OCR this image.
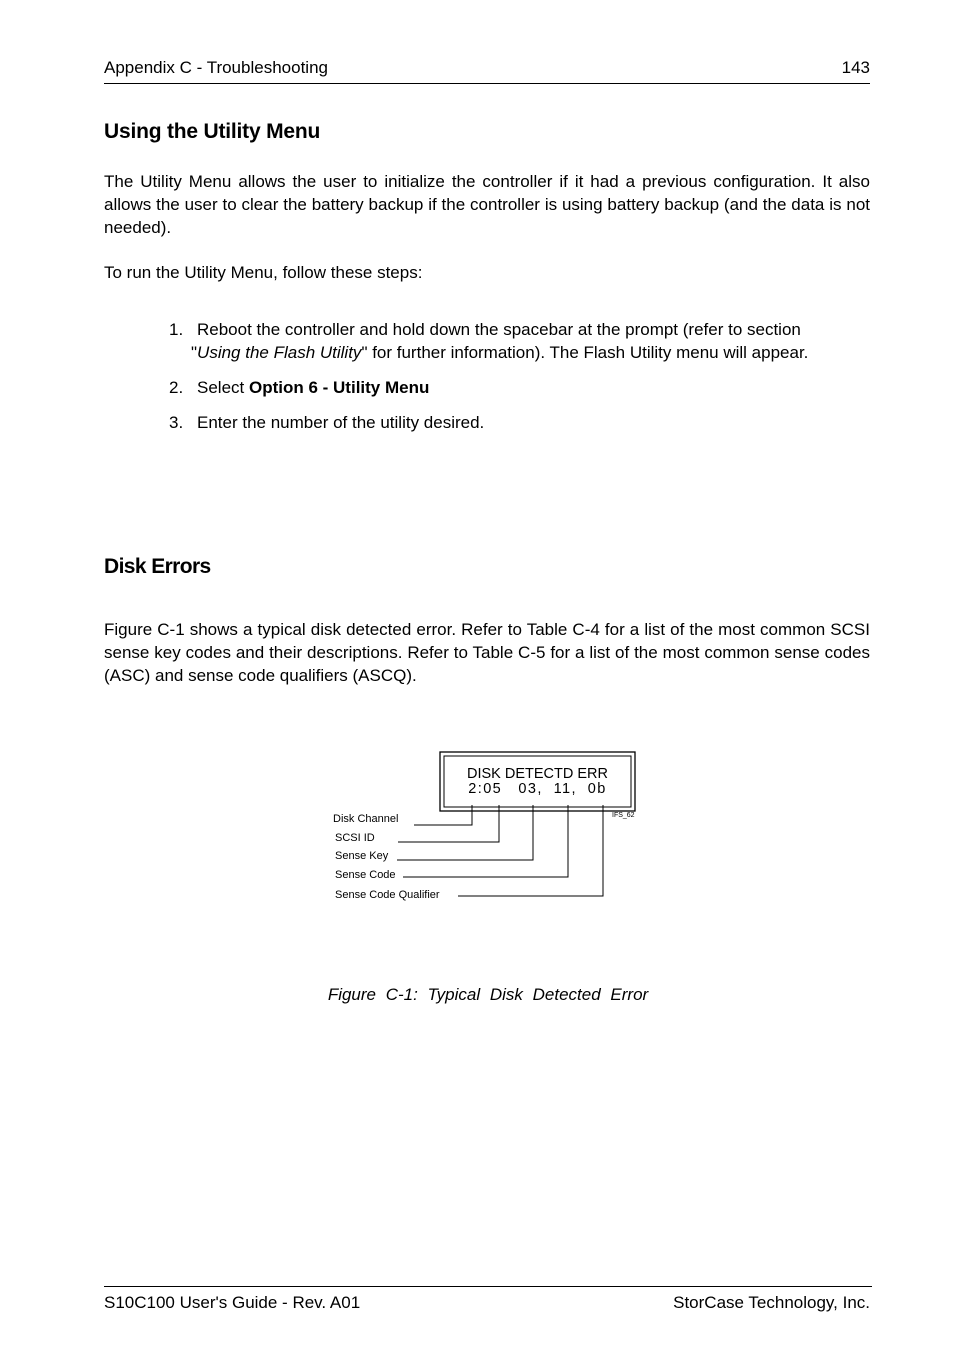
Appendix C - Troubleshooting	143
Using the Utility Menu

The Utility Menu allows the user to initialize the controller if it had a previous configuration. It also allows the user to clear the battery backup if the controller is using battery backup (and the data is not needed).

To run the Utility Menu, follow these steps:

1. Reboot the controller and hold down the spacebar at the prompt (refer to section
"Using the Flash Utility" for further information). The Flash Utility menu will appear.
2. Select Option 6 - Utility Menu
3. Enter the number of the utility desired.
Disk Errors

Figure C-1 shows a typical disk detected error. Refer to Table C-4 for a list of the most common SCSI sense key codes and their descriptions. Refer to Table C-5 for a list of the most common sense codes (ASC) and sense code qualifiers (ASCQ).

DISK DETECTD ERR
2:05   03,  11,  0b
IFS_62
Disk Channel
SCSI ID
Sense Key
Sense Code
Sense Code Qualifier
Figure C-1: Typical Disk Detected Error
S10C100 User's Guide - Rev. A01	StorCase Technology, Inc.
